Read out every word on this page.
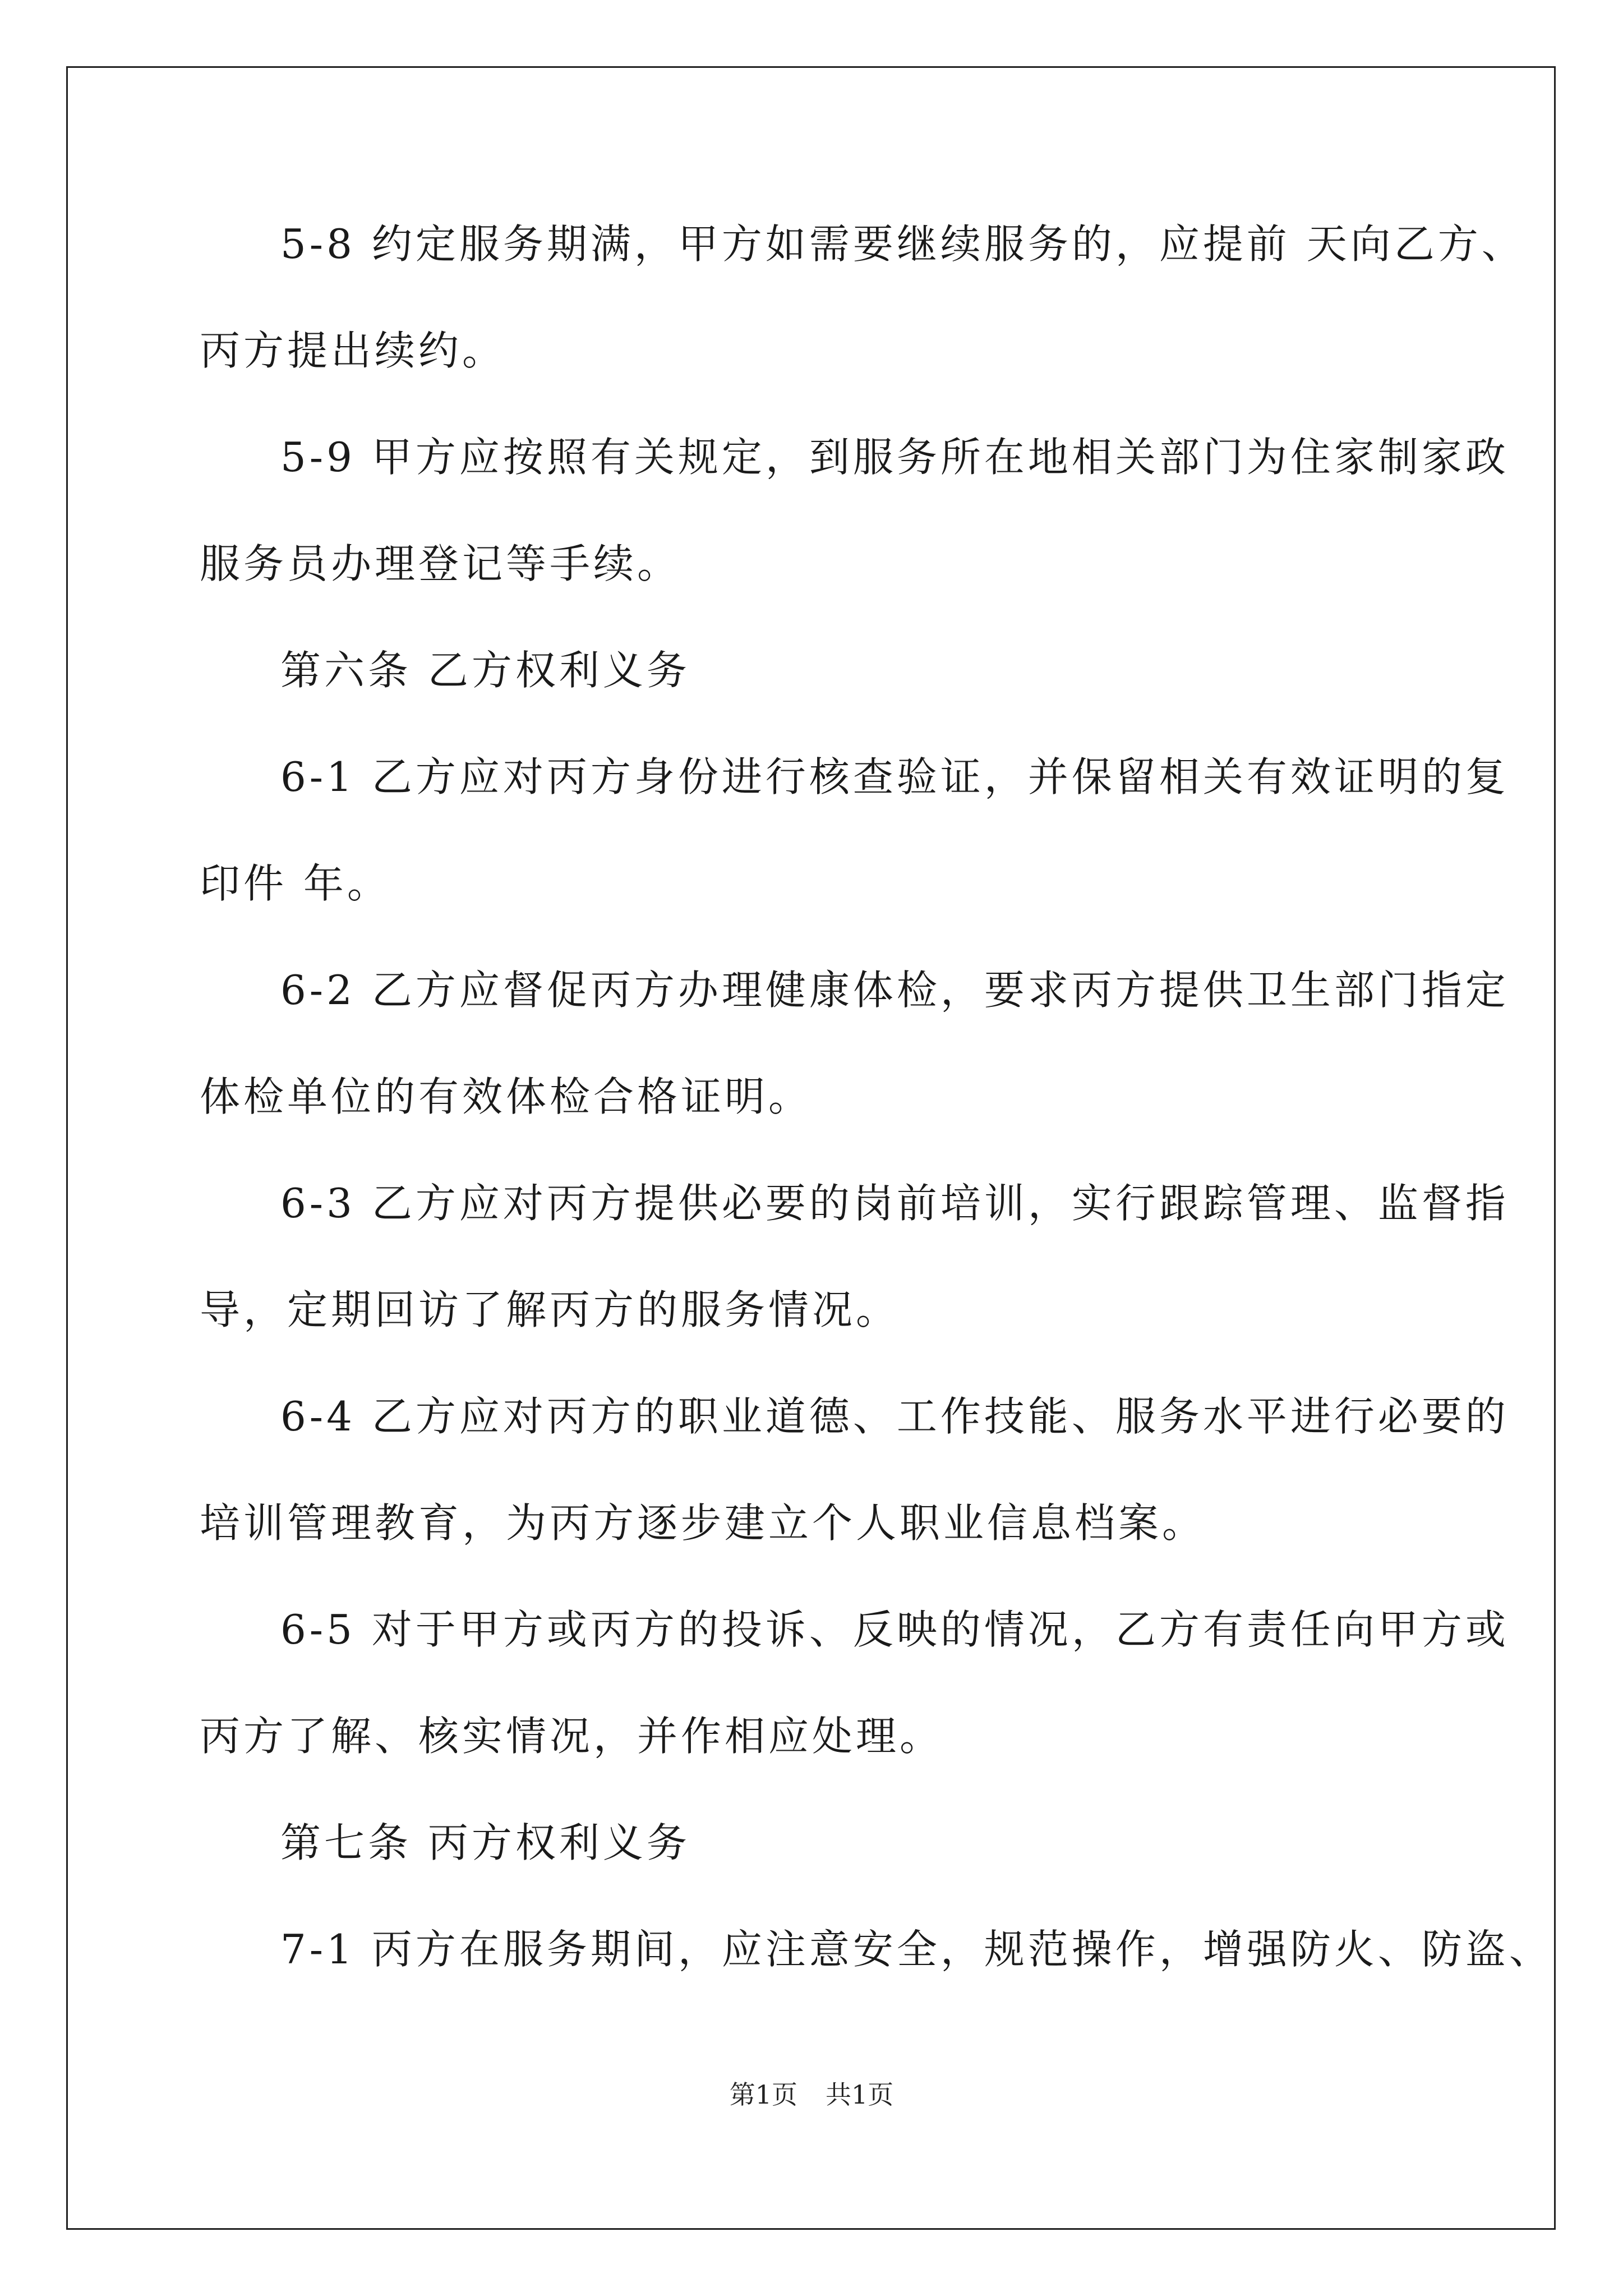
5-8 约定服务期满，甲方如需要继续服务的，应提前 天向乙方、
丙方提出续约。
5-9 甲方应按照有关规定，到服务所在地相关部门为住家制家政
服务员办理登记等手续。
第六条 乙方权利义务
6-1 乙方应对丙方身份进行核查验证，并保留相关有效证明的复
印件 年。
6-2 乙方应督促丙方办理健康体检，要求丙方提供卫生部门指定
体检单位的有效体检合格证明。
6-3 乙方应对丙方提供必要的岗前培训，实行跟踪管理、监督指
导，定期回访了解丙方的服务情况。
6-4 乙方应对丙方的职业道德、工作技能、服务水平进行必要的
培训管理教育，为丙方逐步建立个人职业信息档案。
6-5 对于甲方或丙方的投诉、反映的情况，乙方有责任向甲方或
丙方了解、核实情况，并作相应处理。
第七条 丙方权利义务
7-1 丙方在服务期间，应注意安全，规范操作，增强防火、防盗、
第1页 共1页
